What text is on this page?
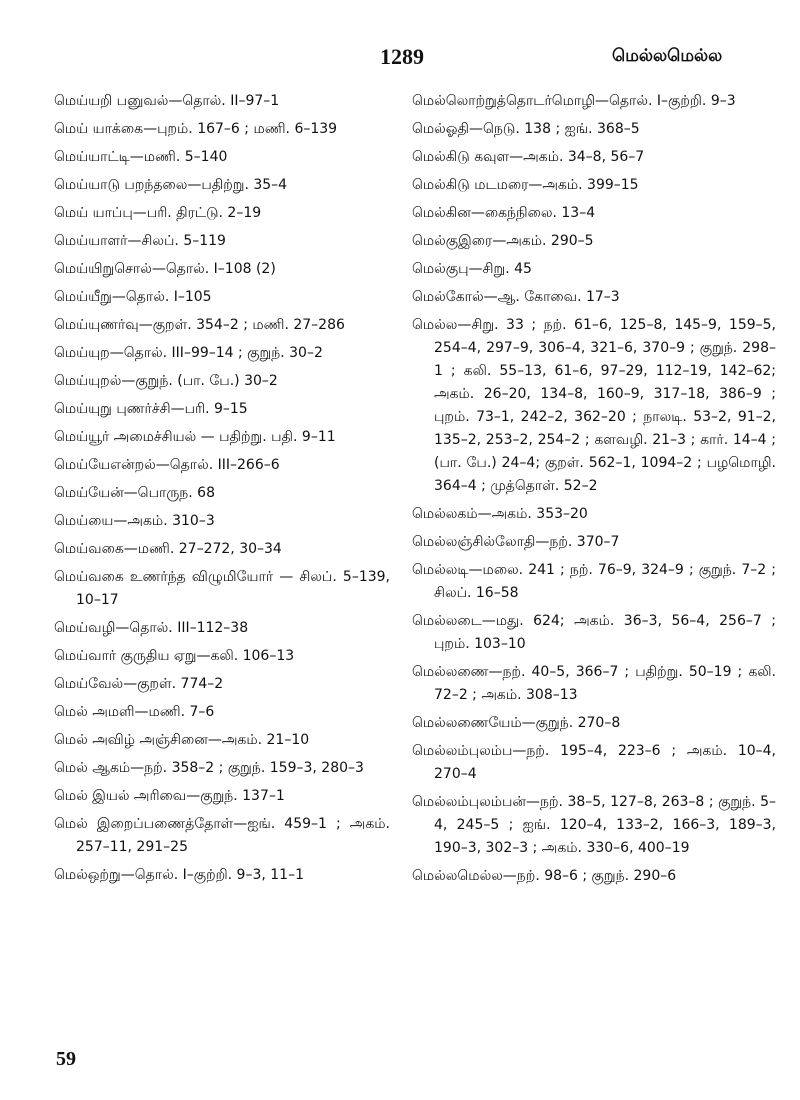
1289	மெல்லமெல்ல
மெய்யறி பனுவல்—தொல். II–97–1
மெய் யாக்கை—புறம். 167–6 ; மணி. 6–139
மெய்யாட்டி—மணி. 5–140
மெய்யாடு பறந்தலை—பதிற்று. 35–4
மெய் யாப்பு—பரி. திரட்டு. 2–19
மெய்யாளர்—சிலப். 5–119
மெய்யிறுசொல்—தொல். I–108 (2)
மெய்யீறு—தொல். I–105
மெய்யுணர்வு—குறள். 354–2 ; மணி. 27–286
மெய்யுற—தொல். III–99–14 ; குறுந். 30–2
மெய்யுறல்—குறுந். (பா. பே.) 30–2
மெய்யுறு புணர்ச்சி—பரி. 9–15
மெய்யூர் அமைச்சியல் — பதிற்று. பதி. 9–11
மெய்யேஎன்றல்—தொல். III–266–6
மெய்யேன்—பொருந. 68
மெய்யை—அகம். 310–3
மெய்வகை—மணி. 27–272, 30–34
மெய்வகை உணர்ந்த விழுமியோர் — சிலப். 5–139, 10–17
மெய்வழி—தொல். III–112–38
மெய்வார் குருதிய ஏறு—கலி. 106–13
மெய்வேல்—குறள். 774–2
மெல் அமளி—மணி. 7–6
மெல் அவிழ் அஞ்சினை—அகம். 21–10
மெல் ஆகம்—நற். 358–2 ; குறுந். 159–3, 280–3
மெல் இயல் அரிவை—குறுந். 137–1
மெல் இறைப்பணைத்தோள்—ஐங். 459–1 ; அகம். 257–11, 291–25
மெல்ஒற்று—தொல். I–குற்றி. 9–3, 11–1
மெல்லொற்றுத்தொடர்மொழி—தொல். I–குற்றி. 9–3
மெல்ஓதி—நெடு. 138 ; ஐங். 368–5
மெல்கிடு கவுள—அகம். 34–8, 56–7
மெல்கிடு மடமரை—அகம். 399–15
மெல்கின—கைந்நிலை. 13–4
மெல்குஇரை—அகம். 290–5
மெல்குபு—சிறு. 45
மெல்கோல்—ஆ. கோவை. 17–3
மெல்ல—சிறு. 33 ; நற். 61–6, 125–8, 145–9, 159–5, 254–4, 297–9, 306–4, 321–6, 370–9 ; குறுந். 298–1 ; கலி. 55–13, 61–6, 97–29, 112–19, 142–62; அகம். 26–20, 134–8, 160–9, 317–18, 386–9 ; புறம். 73–1, 242–2, 362–20 ; நாலடி. 53–2, 91–2, 135–2, 253–2, 254–2 ; களவழி. 21–3 ; கார். 14–4 ; (பா. பே.) 24–4; குறள். 562–1, 1094–2 ; பழமொழி. 364–4 ; முத்தொள். 52–2
மெல்லகம்—அகம். 353–20
மெல்லஞ்சில்லோதி—நற். 370–7
மெல்லடி—மலை. 241 ; நற். 76–9, 324–9 ; குறுந். 7–2 ; சிலப். 16–58
மெல்லடை—மது. 624; அகம். 36–3, 56–4, 256–7 ; புறம். 103–10
மெல்லணை—நற். 40–5, 366–7 ; பதிற்று. 50–19 ; கலி. 72–2 ; அகம். 308–13
மெல்லணையேம்—குறுந். 270–8
மெல்லம்புலம்ப—நற். 195–4, 223–6 ; அகம். 10–4, 270–4
மெல்லம்புலம்பன்—நற். 38–5, 127–8, 263–8 ; குறுந். 5–4, 245–5 ; ஐங். 120–4, 133–2, 166–3, 189–3, 190–3, 302–3 ; அகம். 330–6, 400–19
மெல்லமெல்ல—நற். 98–6 ; குறுந். 290–6
59
